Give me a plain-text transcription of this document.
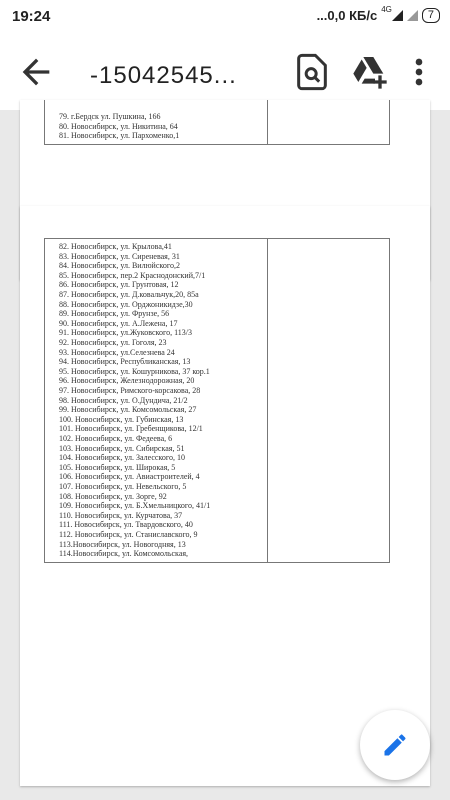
19:24	...0,0 КБ/с 4G	7
-15042545...
79. г.Бердск ул. Пушкина, 166
80. Новосибирск, ул. Никитина, 64
81. Новосибирск, ул. Пархоменко,1
82. Новосибирск, ул. Крылова,41
83. Новосибирск, ул. Сиреневая, 31
84. Новосибирск, ул. Вилюйского,2
85. Новосибирск, пер.2 Краснодонский,7/1
86. Новосибирск, ул. Грунтовая, 12
87. Новосибирск, ул. Д.ковальчук,20, 85а
88. Новосибирск, ул. Орджоникидзе,30
89. Новосибирск, ул. Фрунзе, 56
90. Новосибирск, ул. А.Лежена, 17
91. Новосибирск, ул.Жуковского, 113/3
92. Новосибирск, ул. Гоголя, 23
93. Новосибирск, ул.Селезнева 24
94. Новосибирск, Республиканская, 13
95. Новосибирск, ул. Кошурникова, 37 кор.1
96. Новосибирск, Железнодорожная, 20
97. Новосибирск, Римского-корсакова, 28
98. Новосибирск, ул. О.Дундича, 21/2
99. Новосибирск, ул. Комсомольская, 27
100. Новосибирск, ул. Губинская, 13
101. Новосибирск, ул. Гребенщикова, 12/1
102. Новосибирск, ул. Федеева, 6
103. Новосибирск, ул. Сибирская, 51
104. Новосибирск, ул. Залесского, 10
105. Новосибирск, ул. Широкая, 5
106. Новосибирск, ул. Авиастроителей, 4
107. Новосибирск, ул. Невельского, 5
108. Новосибирск, ул. Зорге, 92
109. Новосибирск, ул. Б.Хмельницкого, 41/1
110. Новосибирск, ул. Курчатова, 37
111. Новосибирск, ул. Твардовского, 40
112. Новосибирск, ул. Станиславского, 9
113.Новосибирск, ул. Новогодняя, 13
114.Новосибирск, ул. Комсомольская,
